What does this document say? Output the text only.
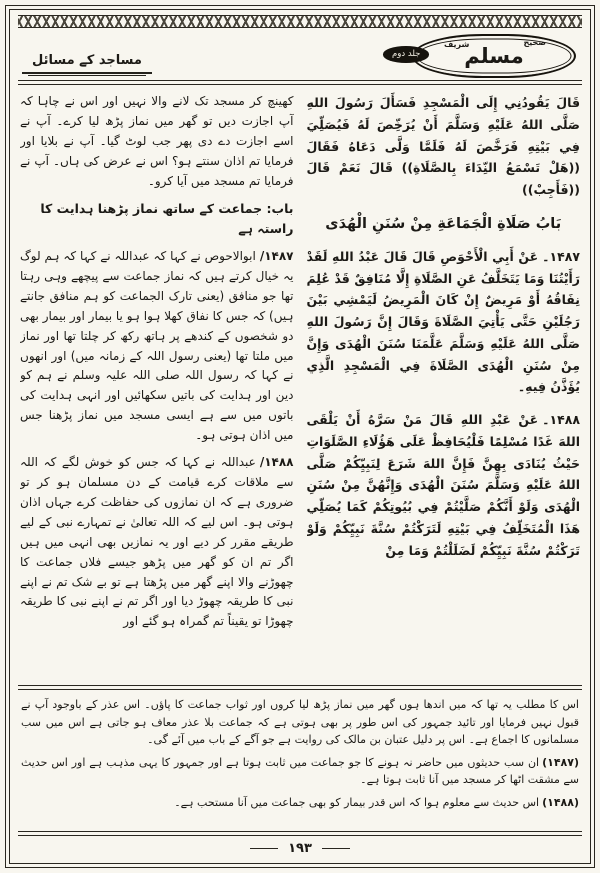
مساجد کے مسائل	جلد دوم
صحیح
مسلم
شریف

قَالَ يَقُودُنِي إِلَى الْمَسْجِدِ فَسَأَلَ رَسُولَ اللهِ صَلَّى اللهُ عَلَيْهِ وَسَلَّمَ أَنْ يُرَخِّصَ لَهُ فَيُصَلِّيَ فِي بَيْتِهِ فَرَخَّصَ لَهُ فَلَمَّا وَلَّى دَعَاهُ فَقَالَ ((هَلْ تَسْمَعُ النِّدَاءَ بِالصَّلَاةِ)) قَالَ نَعَمْ قَالَ ((فَأَجِبْ))

بَابُ صَلَاةِ الْجَمَاعَةِ مِنْ سُنَنِ الْهُدَى

۱۴۸۷۔عَنْ أَبِي الْأَحْوَصِ قَالَ قَالَ عَبْدُ اللهِ لَقَدْ رَأَيْتُنَا وَمَا يَتَخَلَّفُ عَنِ الصَّلَاةِ إِلَّا مُنَافِقٌ قَدْ عُلِمَ نِفَاقُهُ أَوْ مَرِيضٌ إِنْ كَانَ الْمَرِيضُ لَيَمْشِي بَيْنَ رَجُلَيْنِ حَتَّى يَأْتِيَ الصَّلَاةَ وَقَالَ إِنَّ رَسُولَ اللهِ صَلَّى اللهُ عَلَيْهِ وَسَلَّمَ عَلَّمَنَا سُنَنَ الْهُدَى وَإِنَّ مِنْ سُنَنِ الْهُدَى الصَّلَاةَ فِي الْمَسْجِدِ الَّذِي يُؤَذَّنُ فِيهِ۔

۱۴۸۸۔عَنْ عَبْدِ اللهِ قَالَ مَنْ سَرَّهُ أَنْ يَلْقَى اللهَ غَدًا مُسْلِمًا فَلْيُحَافِظْ عَلَى هَؤُلَاءِ الصَّلَوَاتِ حَيْثُ يُنَادَى بِهِنَّ فَإِنَّ اللهَ شَرَعَ لِنَبِيِّكُمْ صَلَّى اللهُ عَلَيْهِ وَسَلَّمَ سُنَنَ الْهُدَى وَإِنَّهُنَّ مِنْ سُنَنِ الْهُدَى وَلَوْ أَنَّكُمْ صَلَّيْتُمْ فِي بُيُوتِكُمْ كَمَا يُصَلِّي هَذَا الْمُتَخَلِّفُ فِي بَيْتِهِ لَتَرَكْتُمْ سُنَّةَ نَبِيِّكُمْ وَلَوْ تَرَكْتُمْ سُنَّةَ نَبِيِّكُمْ لَضَلَلْتُمْ وَمَا مِنْ

کھینچ کر مسجد تک لانے والا نہیں اور اس نے چاہا کہ آپ اجازت دیں تو گھر میں نماز پڑھ لیا کرے۔ آپ نے اسے اجازت دے دی پھر جب لوٹ گیا۔ آپ نے بلایا اور فرمایا تم اذان سنتے ہو؟ اس نے عرض کی ہاں۔ آپ نے فرمایا تم مسجد میں آیا کرو۔

باب: جماعت کے ساتھ نماز پڑھنا ہدایت کا راستہ ہے

۱۴۸۷/ابوالاحوص نے کہا کہ عبداللہ نے کہا کہ ہم لوگ یہ خیال کرتے ہیں کہ نماز جماعت سے پیچھے وہی رہتا تھا جو منافق (یعنی تارک الجماعت کو ہم منافق جانتے ہیں) کہ جس کا نفاق کھلا ہوا ہو یا بیمار اور بیمار بھی دو شخصوں کے کندھے پر ہاتھ رکھ کر چلتا تھا اور نماز میں ملتا تھا (یعنی رسول اللہ کے زمانہ میں) اور انھوں نے کہا کہ رسول اللہ صلی اللہ علیہ وسلم نے ہم کو دین اور ہدایت کی باتیں سکھائیں اور انہی ہدایت کی باتوں میں سے ہے ایسی مسجد میں نماز پڑھنا جس میں اذان ہوتی ہو۔

۱۴۸۸/عبداللہ نے کہا کہ جس کو خوش لگے کہ اللہ سے ملاقات کرے قیامت کے دن مسلمان ہو کر تو ضروری ہے کہ ان نمازوں کی حفاظت کرے جہاں اذان ہوتی ہو۔ اس لیے کہ اللہ تعالیٰ نے تمہارے نبی کے لیے طریقے مقرر کر دیے اور یہ نمازیں بھی انہی میں ہیں اگر تم ان کو گھر میں پڑھو جیسے فلاں جماعت کا چھوڑنے والا اپنے گھر میں پڑھتا ہے تو بے شک تم نے اپنے نبی کا طریقہ چھوڑ دیا اور اگر تم نے اپنے نبی کا طریقہ چھوڑا تو یقیناً تم گمراہ ہو گئے اور

اس کا مطلب یہ تھا کہ میں اندھا ہوں گھر میں نماز پڑھ لیا کروں اور ثواب جماعت کا پاؤں۔ اس عذر کے باوجود آپ نے قبول نہیں فرمایا اور تائید جمہور کی اس طور پر بھی ہوتی ہے کہ جماعت بلا عذر معاف ہو جاتی ہے اس میں سب مسلمانوں کا اجماع ہے۔ اس پر دلیل عتبان بن مالک کی روایت ہے جو آگے کے باب میں آئے گی۔

(۱۴۸۷)ان سب حدیثوں میں حاضر نہ ہونے کا جو جماعت میں ثابت ہوتا ہے اور جمہور کا یہی مذہب ہے اور اس حدیث سے مشقت اٹھا کر مسجد میں آنا ثابت ہوتا ہے۔

(۱۴۸۸)اس حدیث سے معلوم ہوا کہ اس قدر بیمار کو بھی جماعت میں آنا مستحب ہے۔

۱۹۳
